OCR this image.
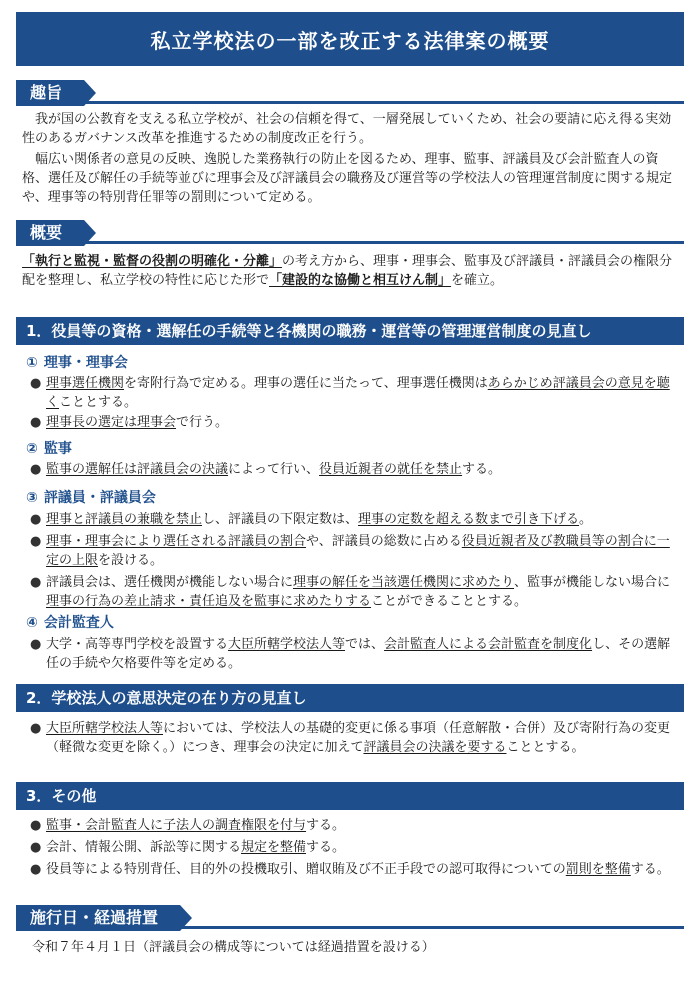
私立学校法の一部を改正する法律案の概要
趣旨
我が国の公教育を支える私立学校が、社会の信頼を得て、一層発展していくため、社会の要請に応え得る実効性のあるガバナンス改革を推進するための制度改正を行う。
幅広い関係者の意見の反映、逸脱した業務執行の防止を図るため、理事、監事、評議員及び会計監査人の資格、選任及び解任の手続等並びに理事会及び評議員会の職務及び運営等の学校法人の管理運営制度に関する規定や、理事等の特別背任罪等の罰則について定める。
概要
「執行と監視・監督の役割の明確化・分離」の考え方から、理事・理事会、監事及び評議員・評議員会の権限分配を整理し、私立学校の特性に応じた形で「建設的な協働と相互けん制」を確立。
1．役員等の資格・選解任の手続等と各機関の職務・運営等の管理運営制度の見直し
① 理事・理事会
● 理事選任機関を寄附行為で定める。理事の選任に当たって、理事選任機関はあらかじめ評議員会の意見を聴くこととする。
● 理事長の選定は理事会で行う。
② 監事
● 監事の選解任は評議員会の決議によって行い、役員近親者の就任を禁止する。
③ 評議員・評議員会
● 理事と評議員の兼職を禁止し、評議員の下限定数は、理事の定数を超える数まで引き下げる。
● 理事・理事会により選任される評議員の割合や、評議員の総数に占める役員近親者及び教職員等の割合に一定の上限を設ける。
● 評議員会は、選任機関が機能しない場合に理事の解任を当該選任機関に求めたり、監事が機能しない場合に理事の行為の差止請求・責任追及を監事に求めたりすることができることとする。
④ 会計監査人
● 大学・高等専門学校を設置する大臣所轄学校法人等では、会計監査人による会計監査を制度化し、その選解任の手続や欠格要件等を定める。
2．学校法人の意思決定の在り方の見直し
● 大臣所轄学校法人等においては、学校法人の基礎的変更に係る事項（任意解散・合併）及び寄附行為の変更（軽微な変更を除く。）につき、理事会の決定に加えて評議員会の決議を要することとする。
3．その他
● 監事・会計監査人に子法人の調査権限を付与する。
● 会計、情報公開、訴訟等に関する規定を整備する。
● 役員等による特別背任、目的外の投機取引、贈収賄及び不正手段での認可取得についての罰則を整備する。
施行日・経過措置
令和７年４月１日（評議員会の構成等については経過措置を設ける）
